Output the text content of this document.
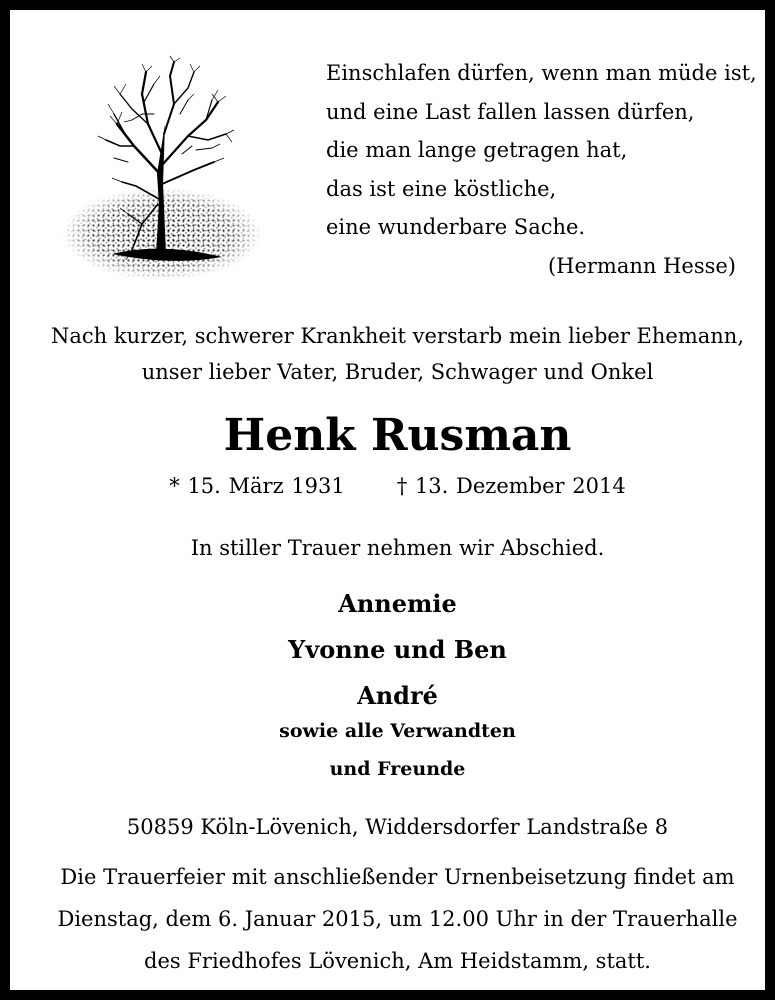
Einschlafen dürfen, wenn man müde ist,
und eine Last fallen lassen dürfen,
die man lange getragen hat,
das ist eine köstliche,
eine wunderbare Sache.
(Hermann Hesse)
Nach kurzer, schwerer Krankheit verstarb mein lieber Ehemann,
unser lieber Vater, Bruder, Schwager und Onkel
Henk Rusman
* 15. März 1931 † 13. Dezember 2014
In stiller Trauer nehmen wir Abschied.
Annemie
Yvonne und Ben
André
sowie alle Verwandten
und Freunde
50859 Köln-Lövenich, Widdersdorfer Landstraße 8
Die Trauerfeier mit anschließender Urnenbeisetzung findet am
Dienstag, dem 6. Januar 2015, um 12.00 Uhr in der Trauerhalle
des Friedhofes Lövenich, Am Heidstamm, statt.
